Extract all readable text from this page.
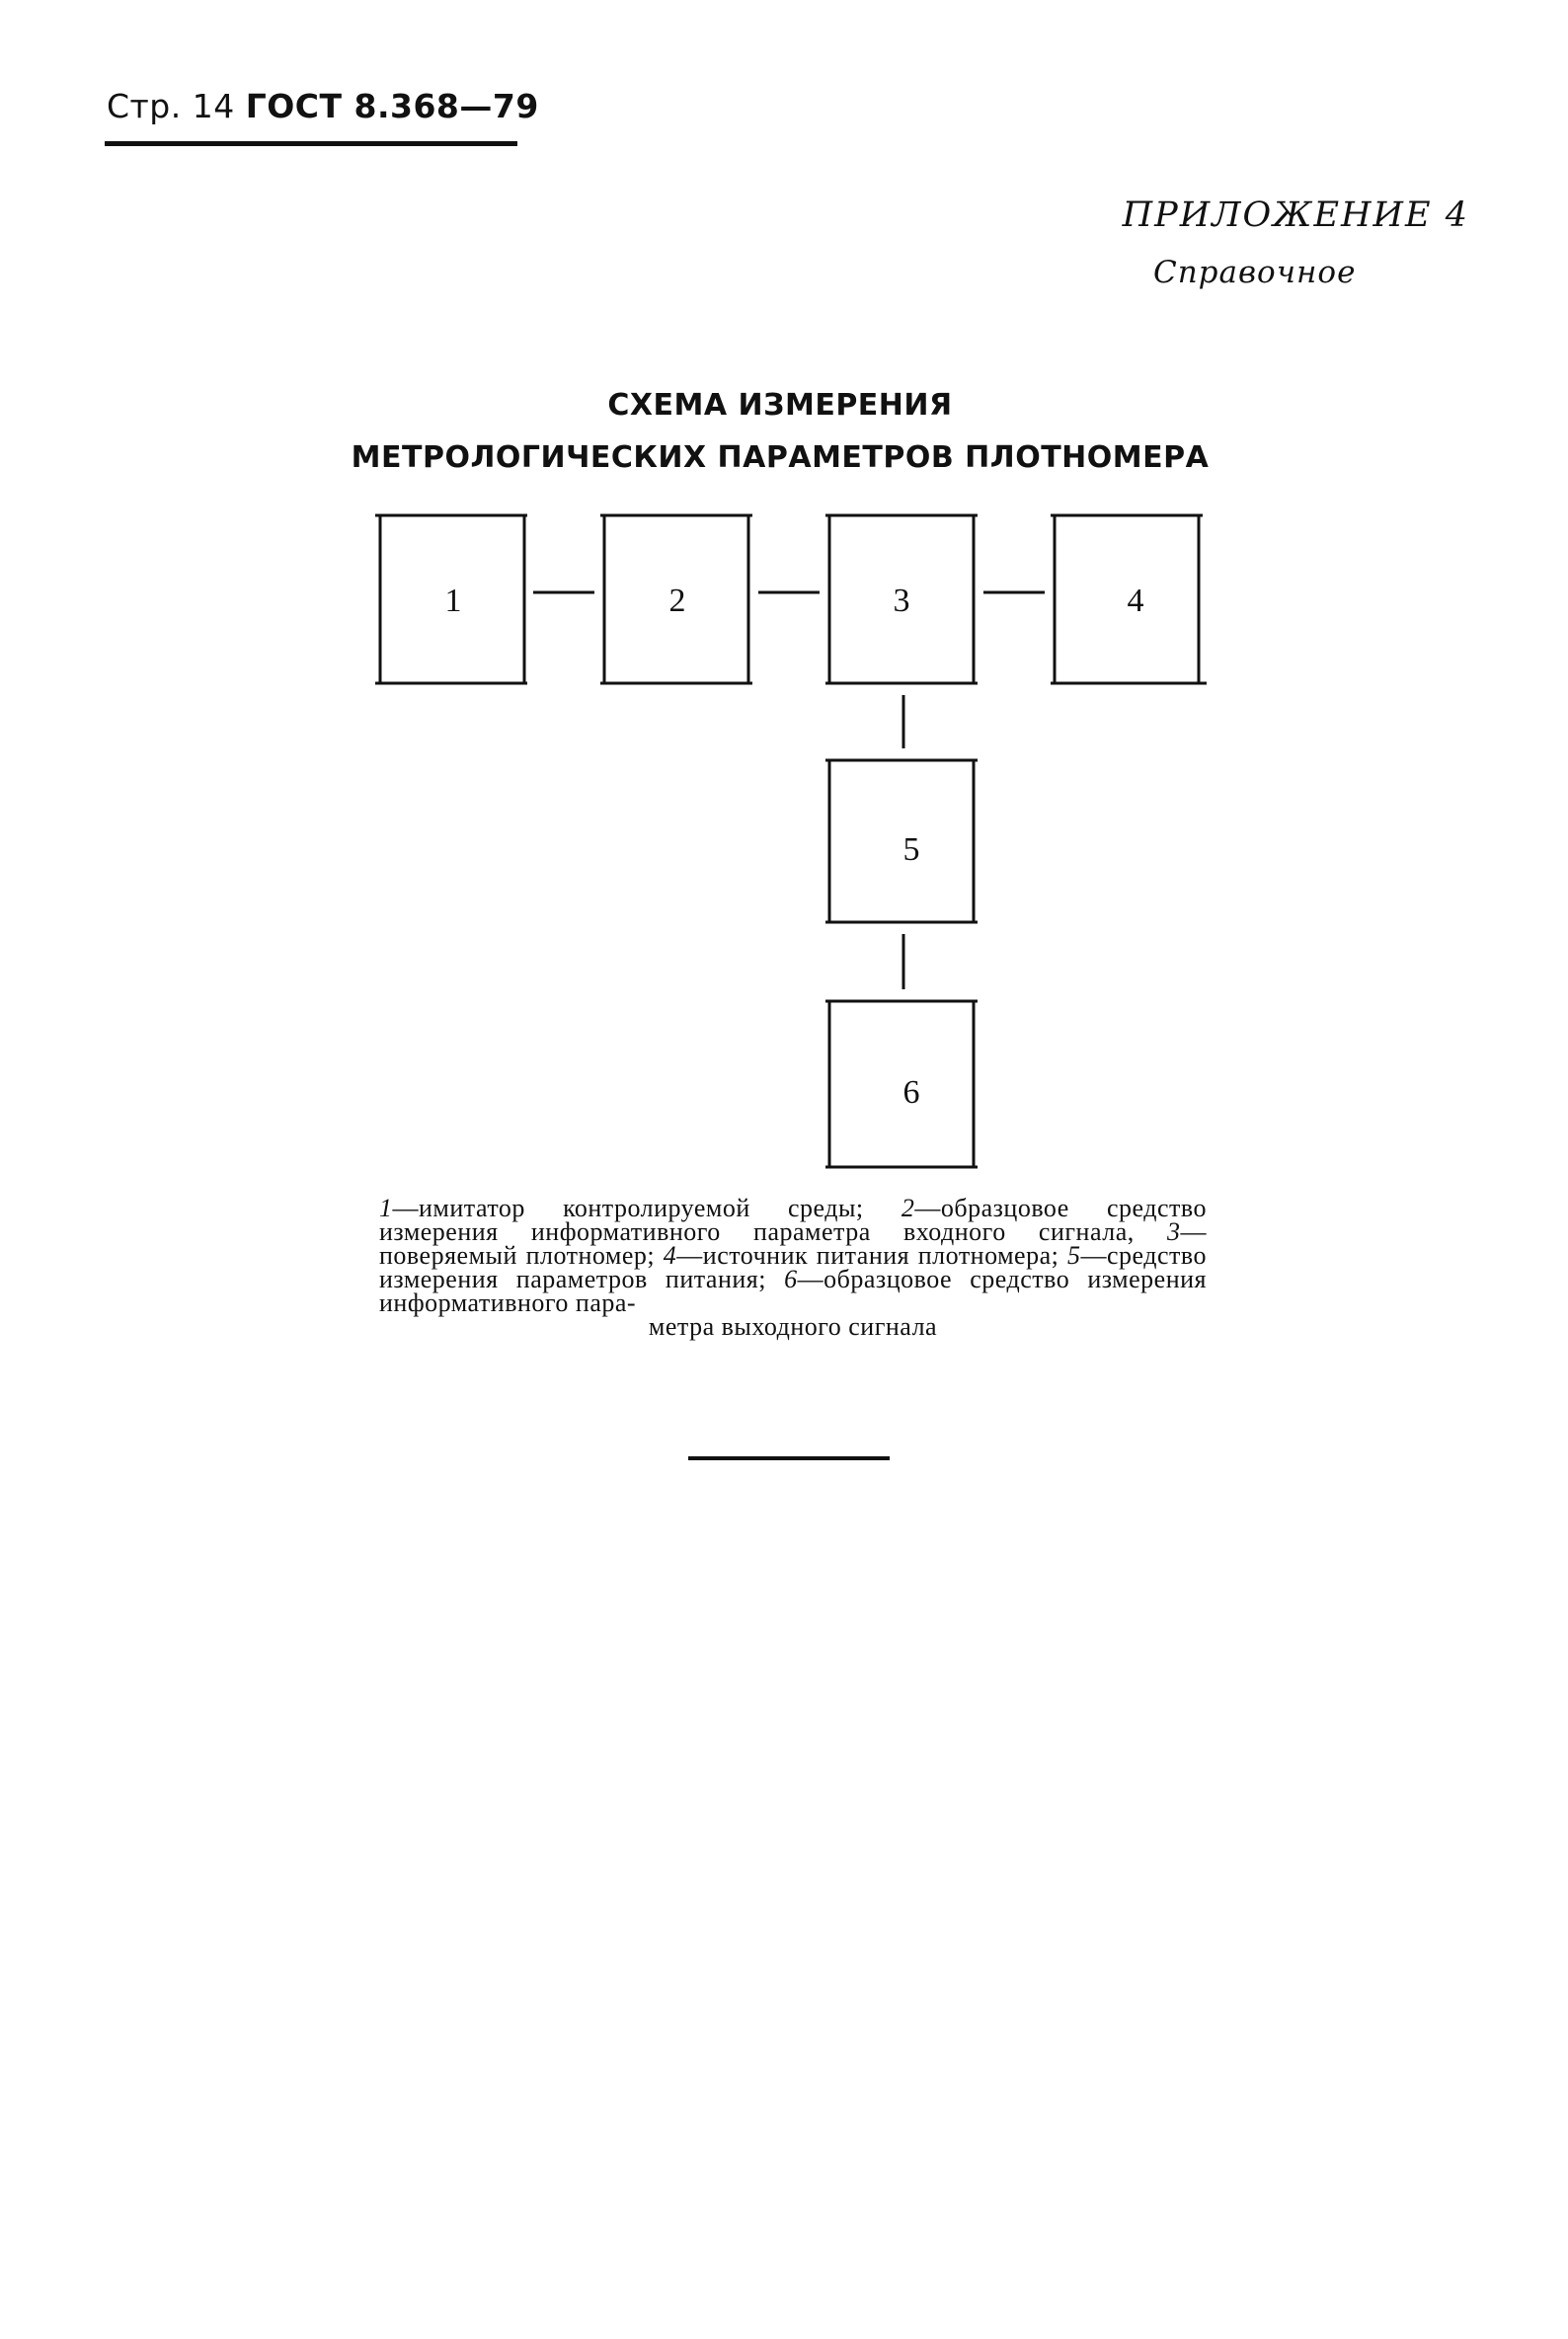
Стр. 14 ГОСТ 8.368—79
ПРИЛОЖЕНИЕ 4
Справочное
СХЕМА ИЗМЕРЕНИЯ
МЕТРОЛОГИЧЕСКИХ ПАРАМЕТРОВ ПЛОТНОМЕРА
1	2	3	4
5
6

1—имитатор контролируемой среды; 2—образцовое средство измерения информативного параметра входного сигнала, 3—поверяемый плотномер; 4—источник питания плотномера; 5—средство измерения параметров питания; 6—образцовое средство измерения информативного пара-

метра выходного сигнала
